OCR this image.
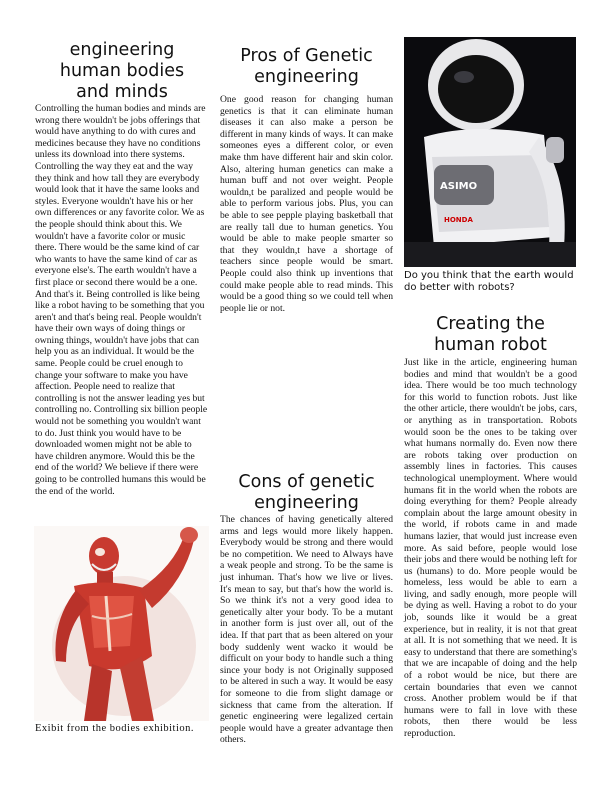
engineering
human bodies
and minds

Controlling the human bodies and minds are wrong there wouldn't be jobs offerings that would have anything to do with cures and medicines because they have no conditions unless its download into there systems. Controlling the way they eat and the way they think and how tall they are everybody would look that it have the same looks and styles. Everyone wouldn't have his or her own differences or any favorite color. We as the people should think about this. We wouldn't have a favorite color or music there. There would be the same kind of car who wants to have the same kind of car as everyone else's. The earth wouldn't have a first place or second there would be a one. And that's it. Being controlled is like being like a robot having to be something that you aren't and that's being real. People wouldn't have their own ways of doing things or owning things, wouldn't have jobs that can help you as an individual. It would be the same. People could be cruel enough to change your software to make you have affection. People need to realize that controlling is not the answer leading yes but controlling no. Controlling six billion people would not be something you wouldn't want to do. Just think you would have to be downloaded women might not be able to have children anymore. Would this be the end of the world? We believe if there were going to be controlled humans this would be the end of the world.

Exibit from the bodies exhibition.

Pros of Genetic
engineering

One good reason for changing human genetics is that it can eliminate human diseases it can also make a person be different in many kinds of ways. It can make someones eyes a different color, or even make thm have different hair and skin color. Also, altering human genetics can make a human buff and not over weight. People wouldn,t be paralized and people would be able to perform various jobs. Plus, you can be able to see pepple playing basketball that are really tall due to human genetics. You would be able to make people smarter so that they wouldn,t have a shortage of teachers since people would be smart. People could also think up inventions that could make people able to read minds. This would be a good thing so we could tell when people lie or not.

Cons of genetic
engineering

The chances of having genetically altered arms and legs would more likely happen. Everybody would be strong and there would be no competition. We need to Always have a weak people and strong. To be the same is just inhuman. That's how we live or lives. It's mean to say, but that's how the world is. So we think it's not a very good idea to genetically alter your body. To be a mutant in another form is just over all, out of the idea. If that part that as been altered on your body suddenly went wacko it would be difficult on your body to handle such a thing since your body is not Originally supposed to be altered in such a way. It would be easy for someone to die from slight damage or sickness that came from the alteration. If genetic engineering were legalized certain people would have a greater advantage then others.

ASIMO
HONDA

Do you think that the earth would do better with robots?

Creating the
human robot

Just like in the article, engineering human bodies and mind that wouldn't be a good idea. There would be too much technology for this world to function robots. Just like the other article, there wouldn't be jobs, cars, or anything as in transportation. Robots would soon be the ones to be taking over what humans normally do. Even now there are robots taking over production on assembly lines in factories. This causes technological unemployment. Where would humans fit in the world when the robots are doing everything for them? People already complain about the large amount obesity in the world, if robots came in and made humans lazier, that would just increase even more. As said before, people would lose their jobs and there would be nothing left for us (humans) to do. More people would be homeless, less would be able to earn a living, and sadly enough, more people will be dying as well. Having a robot to do your job, sounds like it would be a great experience, but in reality, it is not that great at all. It is not something that we need. It is easy to understand that there are something's that we are incapable of doing and the help of a robot would be nice, but there are certain boundaries that even we cannot cross. Another problem would be if that humans were to fall in love with these robots, then there would be less reproduction.
